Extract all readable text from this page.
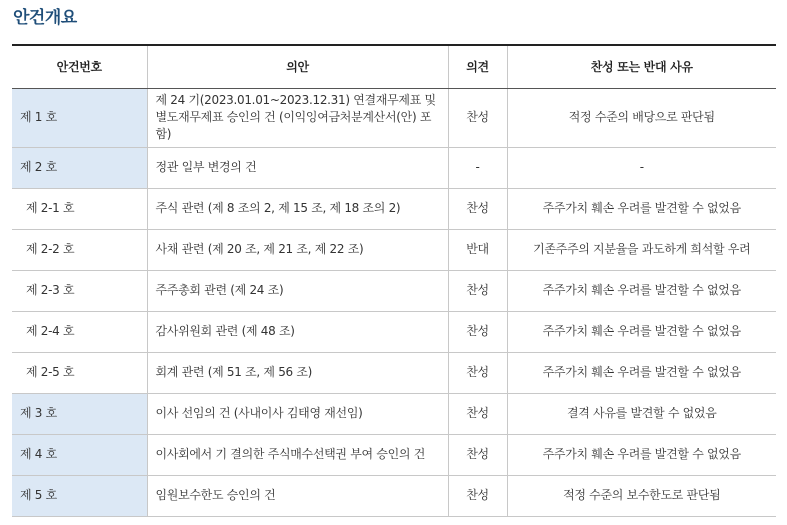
안건개요
안건번호	의안	의견	찬성 또는 반대 사유
제 1 호	제 24 기(2023.01.01~2023.12.31) 연결재무제표 및 별도재무제표 승인의 건 (이익잉여금처분계산서(안) 포함)	찬성	적정 수준의 배당으로 판단됨
제 2 호	정관 일부 변경의 건	-	-
제 2-1 호	주식 관련 (제 8 조의 2, 제 15 조, 제 18 조의 2)	찬성	주주가치 훼손 우려를 발견할 수 없었음
제 2-2 호	사채 관련 (제 20 조, 제 21 조, 제 22 조)	반대	기존주주의 지분율을 과도하게 희석할 우려
제 2-3 호	주주총회 관련 (제 24 조)	찬성	주주가치 훼손 우려를 발견할 수 없었음
제 2-4 호	감사위원회 관련 (제 48 조)	찬성	주주가치 훼손 우려를 발견할 수 없었음
제 2-5 호	회계 관련 (제 51 조, 제 56 조)	찬성	주주가치 훼손 우려를 발견할 수 없었음
제 3 호	이사 선임의 건 (사내이사 김태영 재선임)	찬성	결격 사유를 발견할 수 없었음
제 4 호	이사회에서 기 결의한 주식매수선택권 부여 승인의 건	찬성	주주가치 훼손 우려를 발견할 수 없었음
제 5 호	임원보수한도 승인의 건	찬성	적정 수준의 보수한도로 판단됨
